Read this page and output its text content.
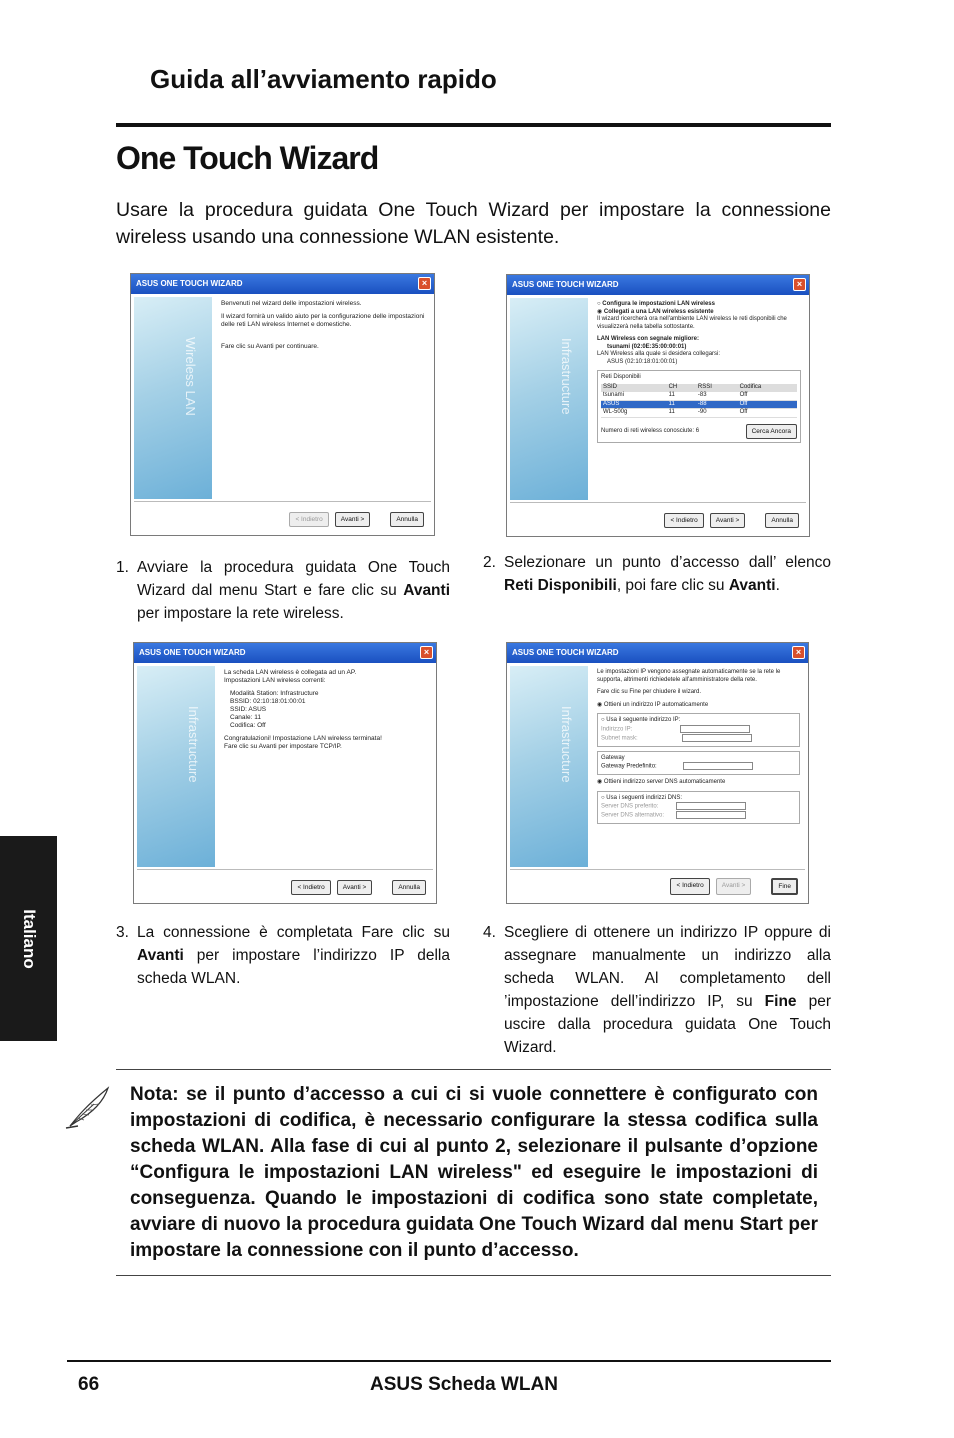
Guida all’avviamento rapido
One Touch Wizard
Usare la procedura guidata One Touch Wizard per impostare la connessione wireless usando una connessione WLAN esistente.
Italiano
ASUS ONE TOUCH WIZARD	×
Wireless LAN

Benvenuti nel wizard delle impostazioni wireless.

Il wizard fornirà un valido aiuto per la configurazione delle impostazioni delle reti LAN wireless Internet e domestiche.

Fare clic su Avanti per continuare.

< Indietro	Avanti >	Annulla
ASUS ONE TOUCH WIZARD	×
Infrastructure
○ Configura le impostazioni LAN wireless
◉ Collegati a una LAN wireless esistente

Il wizard ricercherà ora nell'ambiente LAN wireless le reti disponibili che visualizzerà nella tabella sottostante.

LAN Wireless con segnale migliore:
tsunami (02:0E:35:00:00:01)
LAN Wireless alla quale si desidera collegarsi:
ASUS (02:10:18:01:00:01)
Reti Disponibili
SSID	CH	RSSI	Codifica
tsunami	11	-83	Off
ASUS	11	-88	Off
WL-500g	11	-90	Off
Numero di reti wireless conosciute: 6	Cerca Ancora
< Indietro	Avanti >	Annulla
1. Avviare la procedura guidata One Touch Wizard dal menu Start e fare clic su Avanti per impostare la rete wireless.
2. Selezionare un punto d’accesso dall’ elenco Reti Disponibili, poi fare clic su Avanti.
ASUS ONE TOUCH WIZARD	×
Infrastructure
La scheda LAN wireless è collegata ad un AP.

Impostazioni LAN wireless correnti:

Modalità Station: Infrastructure
BSSID: 02:10:18:01:00:01
SSID: ASUS
Canale: 11

Codifica: Off

Congratulazioni! Impostazione LAN wireless terminata!
Fare clic su Avanti per impostare TCP/IP.
< Indietro	Avanti >	Annulla
ASUS ONE TOUCH WIZARD	×
Infrastructure

Le impostazioni IP vengono assegnate automaticamente se la rete le supporta, altrimenti richiedetele all'amministratore della rete.

Fare clic su Fine per chiudere il wizard.

◉ Ottieni un indirizzo IP automaticamente
○ Usa il seguente indirizzo IP:
Indirizzo IP:
Subnet mask:
Gateway
Gateway Predefinito:
◉ Ottieni indirizzo server DNS automaticamente
○ Usa i seguenti indirizzi DNS:
Server DNS preferito:
Server DNS alternativo:
< Indietro	Avanti >	Fine
3. La connessione è completata Fare clic su Avanti per impostare l’indirizzo IP della scheda WLAN.
4. Scegliere di ottenere un indirizzo IP oppure di assegnare manualmente un indirizzo alla scheda WLAN. Al completamento dell ’impostazione dell’indirizzo IP, su Fine per uscire dalla procedura guidata One Touch Wizard.
Nota: se il punto d’accesso a cui ci si vuole connettere è configurato con impostazioni di codifica, è necessario configurare la stessa codifica sulla scheda WLAN. Alla fase di cui al punto 2, selezionare il pulsante d’opzione “Configura le impostazioni LAN wireless" ed eseguire le impostazioni di conseguenza. Quando le impostazioni di codifica sono state completate, avviare di nuovo la procedura guidata One Touch Wizard dal menu Start per impostare la connessione con il punto d’accesso.
66	ASUS Scheda WLAN
